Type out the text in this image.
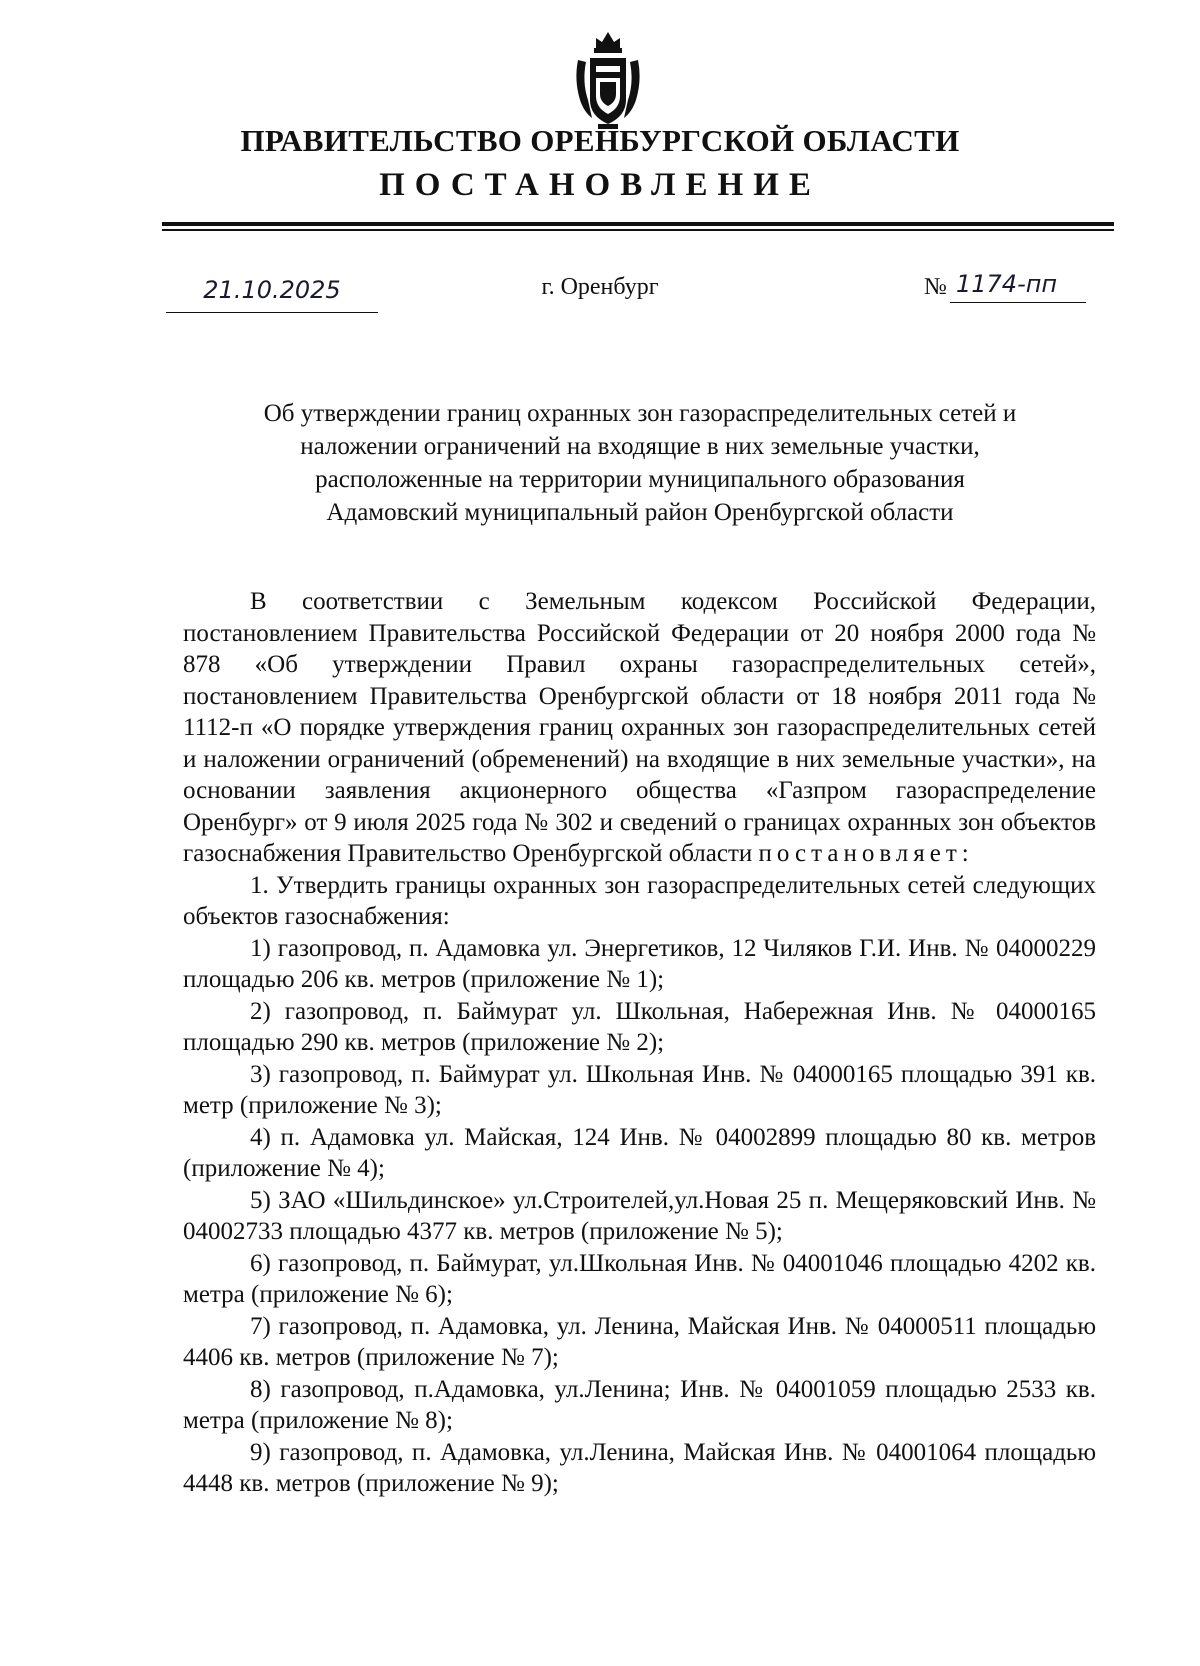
ПРАВИТЕЛЬСТВО ОРЕНБУРГСКОЙ ОБЛАСТИ
ПОСТАНОВЛЕНИЕ
21.10.2025	г. Оренбург	№ 1174-пп
Об утверждении границ охранных зон газораспределительных сетей и
наложении ограничений на входящие в них земельные участки,
расположенные на территории муниципального образования
Адамовский муниципальный район Оренбургской области

В соответствии с Земельным кодексом Российской Федерации, постановлением Правительства Российской Федерации от 20 ноября 2000 года № 878 «Об утверждении Правил охраны газораспределительных сетей», постановлением Правительства Оренбургской области от 18 ноября 2011 года № 1112-п «О порядке утверждения границ охранных зон газораспределительных сетей и наложении ограничений (обременений) на входящие в них земельные участки», на основании заявления акционерного общества «Газпром газораспределение Оренбург» от 9 июля 2025 года № 302 и сведений о границах охранных зон объектов газоснабжения Правительство Оренбургской области постановляет:

1. Утвердить границы охранных зон газораспределительных сетей следующих объектов газоснабжения:

1) газопровод, п. Адамовка ул. Энергетиков, 12 Чиляков Г.И. Инв. № 04000229 площадью 206 кв. метров (приложение № 1);

2) газопровод, п. Баймурат ул. Школьная, Набережная Инв. № 04000165 площадью 290 кв. метров (приложение № 2);

3) газопровод, п. Баймурат ул. Школьная Инв. № 04000165 площадью 391 кв. метр (приложение № 3);

4) п. Адамовка ул. Майская, 124 Инв. № 04002899 площадью 80 кв. метров (приложение № 4);

5) ЗАО «Шильдинское» ул.Строителей,ул.Новая 25 п. Мещеряковский Инв. № 04002733 площадью 4377 кв. метров (приложение № 5);

6) газопровод, п. Баймурат, ул.Школьная Инв. № 04001046 площадью 4202 кв. метра (приложение № 6);

7) газопровод, п. Адамовка, ул. Ленина, Майская Инв. № 04000511 площадью 4406 кв. метров (приложение № 7);

8) газопровод, п.Адамовка, ул.Ленина; Инв. № 04001059 площадью 2533 кв. метра (приложение № 8);

9) газопровод, п. Адамовка, ул.Ленина, Майская Инв. № 04001064 площадью 4448 кв. метров (приложение № 9);
